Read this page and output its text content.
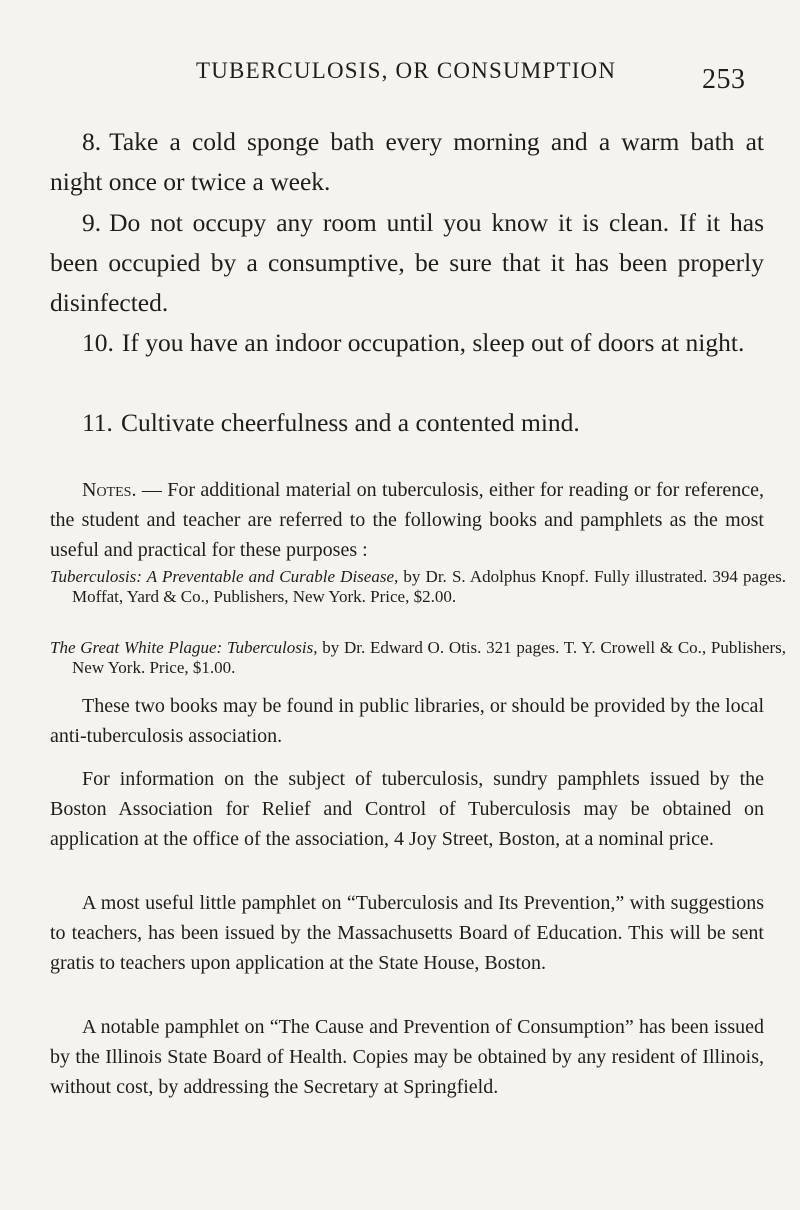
TUBERCULOSIS, OR CONSUMPTION	253

8. Take a cold sponge bath every morning and a warm bath at night once or twice a week.

9. Do not occupy any room until you know it is clean. If it has been occupied by a consumptive, be sure that it has been properly disinfected.

10. If you have an indoor occupation, sleep out of doors at night.

11. Cultivate cheerfulness and a contented mind.

Notes. — For additional material on tuberculosis, either for reading or for reference, the student and teacher are referred to the following books and pamphlets as the most useful and practical for these purposes :

Tuberculosis: A Preventable and Curable Disease, by Dr. S. Adolphus Knopf. Fully illustrated. 394 pages. Moffat, Yard & Co., Publishers, New York. Price, $2.00.

The Great White Plague: Tuberculosis, by Dr. Edward O. Otis. 321 pages. T. Y. Crowell & Co., Publishers, New York. Price, $1.00.

These two books may be found in public libraries, or should be provided by the local anti-tuberculosis association.

For information on the subject of tuberculosis, sundry pamphlets issued by the Boston Association for Relief and Control of Tuberculosis may be obtained on application at the office of the association, 4 Joy Street, Boston, at a nominal price.

A most useful little pamphlet on “Tuberculosis and Its Prevention,” with suggestions to teachers, has been issued by the Massachusetts Board of Education. This will be sent gratis to teachers upon application at the State House, Boston.

A notable pamphlet on “The Cause and Prevention of Consumption” has been issued by the Illinois State Board of Health. Copies may be obtained by any resident of Illinois, without cost, by addressing the Secretary at Springfield.
